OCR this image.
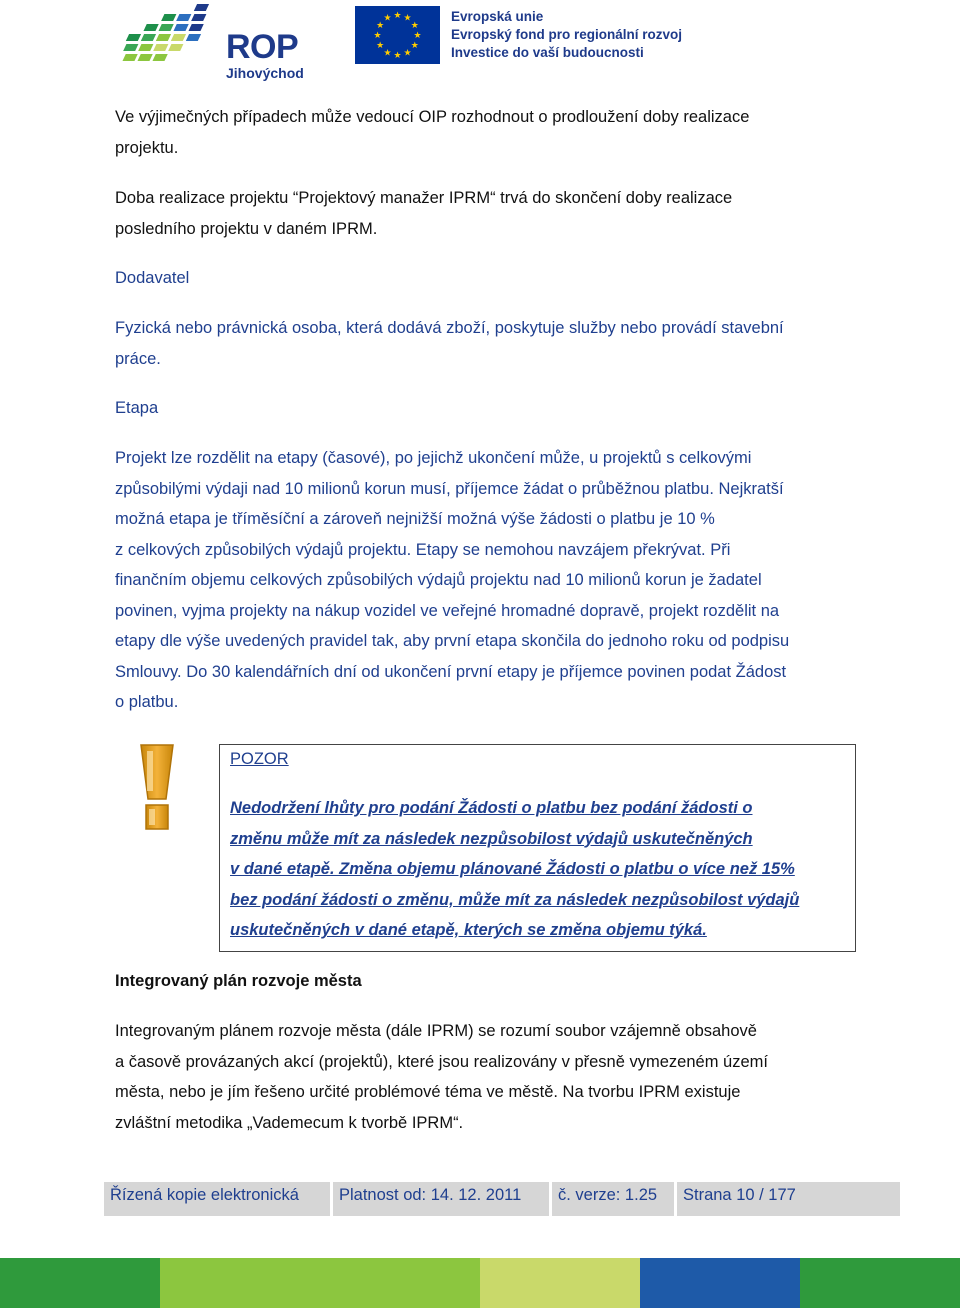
ROP
Jihovýchod
★ ★
★
★
★
★
★
★
★
★
★
★	Evropská unie
Evropský fond pro regionální rozvoj
Investice do vaší budoucnosti
Ve výjimečných případech může vedoucí OIP rozhodnout o prodloužení doby realizace
projektu.
Doba realizace projektu “Projektový manažer IPRM“ trvá do skončení doby realizace
posledního projektu v daném IPRM.
Dodavatel
Fyzická nebo právnická osoba, která dodává zboží, poskytuje služby nebo provádí stavební
práce.
Etapa
Projekt lze rozdělit na etapy (časové), po jejichž ukončení může, u projektů s celkovými
způsobilými výdaji nad 10 milionů korun musí, příjemce žádat o průběžnou platbu. Nejkratší
možná etapa je tříměsíční a zároveň nejnižší možná výše žádosti o platbu je 10 %
z celkových způsobilých výdajů projektu. Etapy se nemohou navzájem překrývat. Při
finančním objemu celkových způsobilých výdajů projektu nad 10 milionů korun je žadatel
povinen, vyjma projekty na nákup vozidel ve veřejné hromadné dopravě, projekt rozdělit na
etapy dle výše uvedených pravidel tak, aby první etapa skončila do jednoho roku od podpisu
Smlouvy. Do 30 kalendářních dní od ukončení první etapy je příjemce povinen podat Žádost
o platbu.
POZOR
Nedodržení lhůty pro podání Žádosti o platbu bez podání žádosti o
změnu může mít za následek nezpůsobilost výdajů uskutečněných
v dané etapě. Změna objemu plánované Žádosti o platbu o více než 15%
bez podání žádosti o změnu, může mít za následek nezpůsobilost výdajů
uskutečněných v dané etapě, kterých se změna objemu týká.
Integrovaný plán rozvoje města
Integrovaným plánem rozvoje města (dále IPRM) se rozumí soubor vzájemně obsahově
a časově provázaných akcí (projektů), které jsou realizovány v přesně vymezeném území
města, nebo je jím řešeno určité problémové téma ve městě. Na tvorbu IPRM existuje
zvláštní metodika „Vademecum k tvorbě IPRM“.
Řízená kopie elektronická	Platnost od: 14. 12. 2011	č. verze: 1.25	Strana 10 / 177
